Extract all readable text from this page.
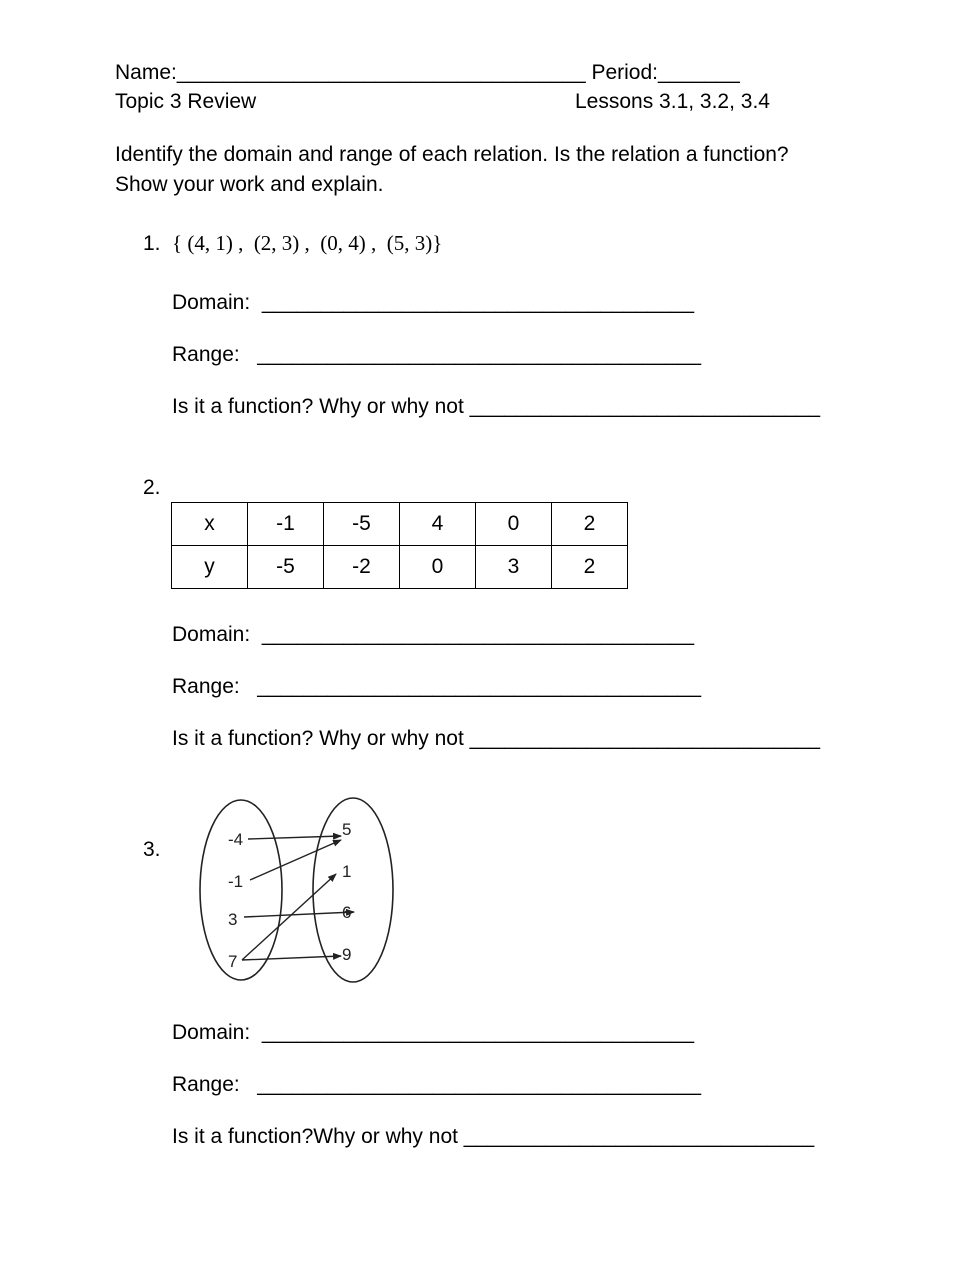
Name:___________________________________ Period:_______
Topic 3 Review	Lessons 3.1, 3.2, 3.4
Identify the domain and range of each relation. Is the relation a function?
Show your work and explain.
1. { (4, 1) ,  (2, 3) ,  (0, 4) ,  (5, 3)}
Domain:  _____________________________________
Range:   ______________________________________
Is it a function? Why or why not ______________________________
2.
x	-1	-5	4	0	2
y	-5	-2	0	3	2
Domain:  _____________________________________
Range:   ______________________________________
Is it a function? Why or why not ______________________________
3.	-4
-1
3
7
5
1
6
9
Domain:  _____________________________________
Range:   ______________________________________
Is it a function?Why or why not ______________________________
